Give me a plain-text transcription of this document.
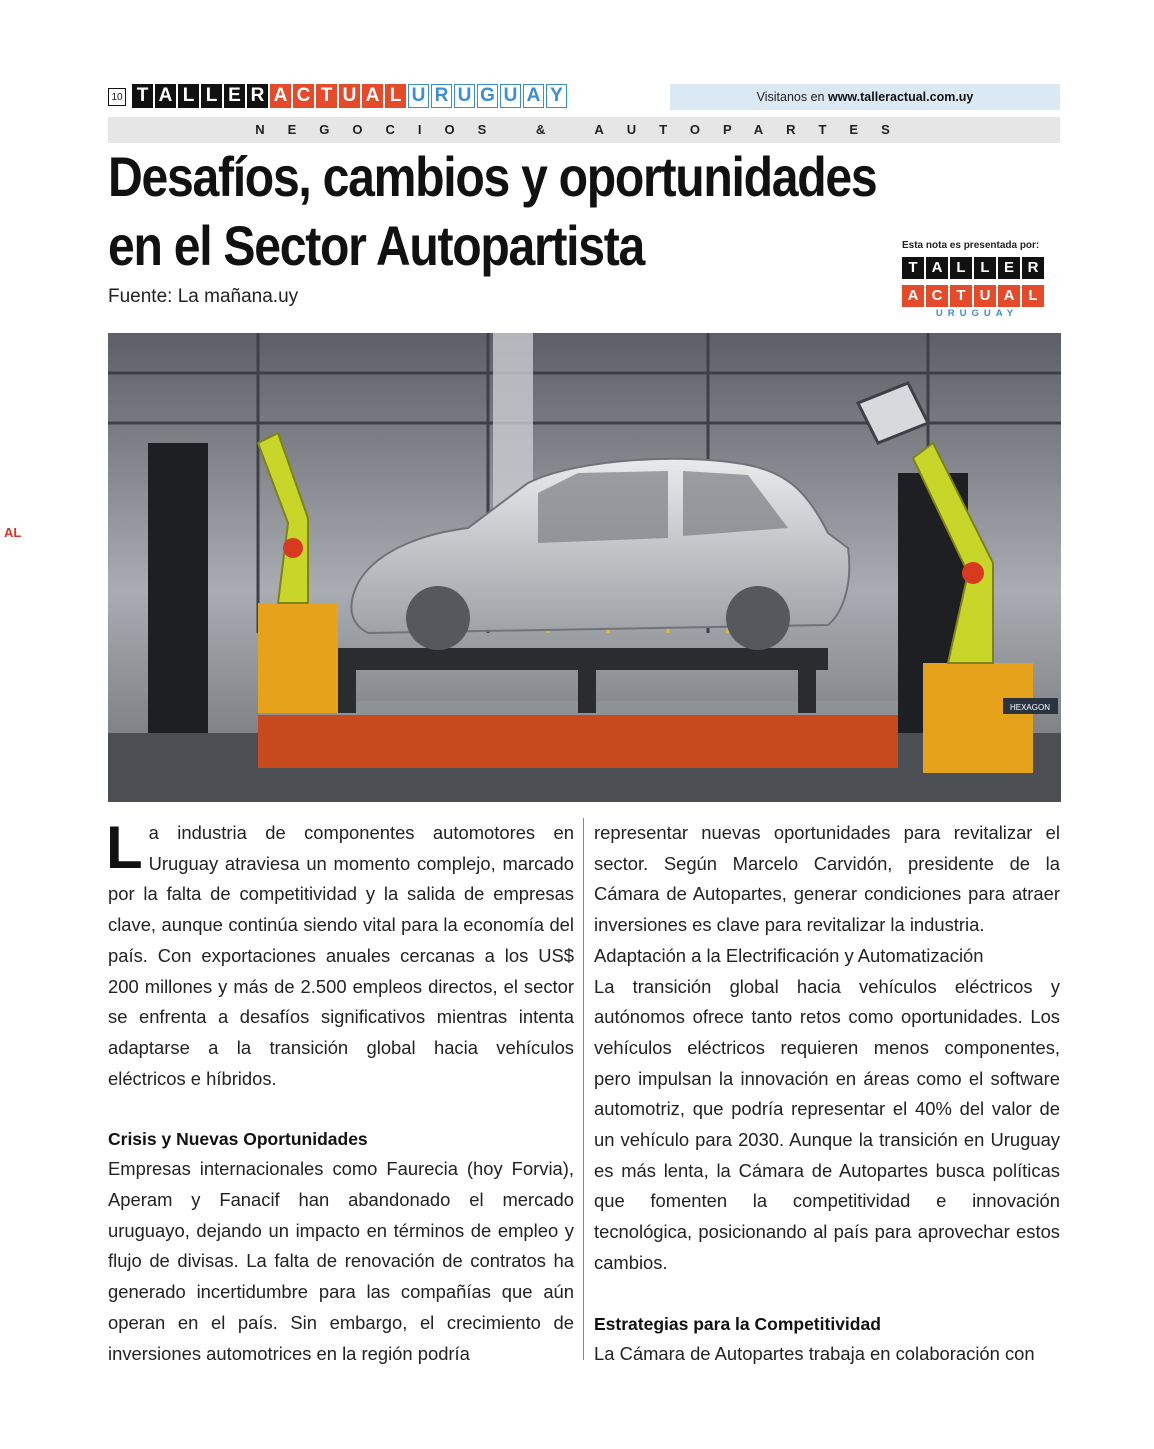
10 T A L L E R A C T U A L U R U G U A Y	Visitanos en www.talleractual.com.uy
NEGOCIOS & AUTOPARTES
Desafíos, cambios y oportunidades en el Sector Autopartista
Fuente: La mañana.uy
Esta nota es presentada por:
T A L L E R
A C T U A L
URUGUAY
AL
HEXAGON

La industria de componentes automotores en Uruguay atraviesa un momento complejo, marcado por la falta de competitividad y la salida de empresas clave, aunque continúa siendo vital para la economía del país. Con exportaciones anuales cercanas a los US$ 200 millones y más de 2.500 empleos directos, el sector se enfrenta a desafíos significativos mientras intenta adaptarse a la transición global hacia vehículos eléctricos e híbridos.

Crisis y Nuevas Oportunidades

Empresas internacionales como Faurecia (hoy Forvia), Aperam y Fanacif han abandonado el mercado uruguayo, dejando un impacto en términos de empleo y flujo de divisas. La falta de renovación de contratos ha generado incertidumbre para las compañías que aún operan en el país. Sin embargo, el crecimiento de inversiones automotrices en la región podría

representar nuevas oportunidades para revitalizar el sector. Según Marcelo Carvidón, presidente de la Cámara de Autopartes, generar condiciones para atraer inversiones es clave para revitalizar la industria.

Adaptación a la Electrificación y Automatización

La transición global hacia vehículos eléctricos y autónomos ofrece tanto retos como oportunidades. Los vehículos eléctricos requieren menos componentes, pero impulsan la innovación en áreas como el software automotriz, que podría representar el 40% del valor de un vehículo para 2030. Aunque la transición en Uruguay es más lenta, la Cámara de Autopartes busca políticas que fomenten la competitividad e innovación tecnológica, posicionando al país para aprovechar estos cambios.

Estrategias para la Competitividad

La Cámara de Autopartes trabaja en colaboración con
